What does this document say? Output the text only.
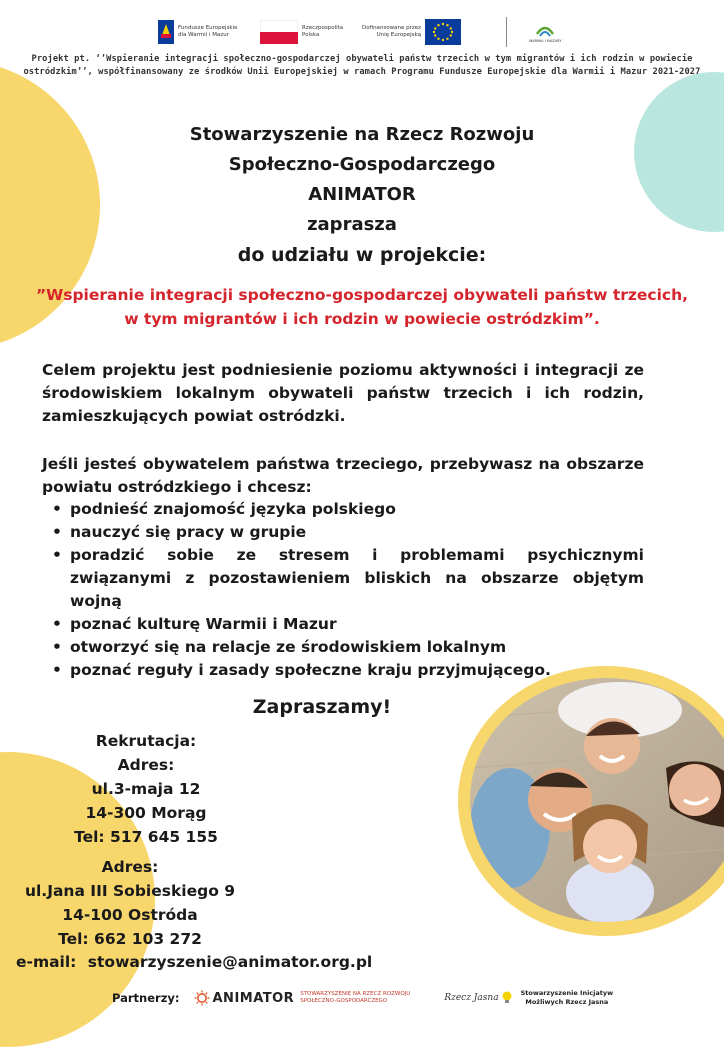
Fundusze Europejskie
dla Warmii i Mazur
Rzeczpospolita
Polska
Dofinansowane przez
Unię Europejską
WARMIA I MAZURY
Projekt pt. ‘’Wspieranie integracji społeczno-gospodarczej obywateli państw trzecich w tym migrantów i ich rodzin w powiecie ostródzkim’’, współfinansowany ze środków Unii Europejskiej w ramach Programu Fundusze Europejskie dla Warmii i Mazur 2021-2027
Stowarzyszenie na Rzecz Rozwoju
Społeczno-Gospodarczego
ANIMATOR
zaprasza
do udziału w projekcie:
”Wspieranie integracji społeczno-gospodarczej obywateli państw trzecich,
w tym migrantów i ich rodzin w powiecie ostródzkim”.
Celem projektu jest podniesienie poziomu aktywności i integracji ze środowiskiem lokalnym obywateli państw trzecich i ich rodzin, zamieszkujących powiat ostródzki.
Jeśli jesteś obywatelem państwa trzeciego, przebywasz na obszarze powiatu ostródzkiego i chcesz:
• podnieść znajomość języka polskiego
• nauczyć się pracy w grupie
• poradzić sobie ze stresem i problemami psychicznymi związanymi z pozostawieniem bliskich na obszarze objętym wojną
• poznać kulturę Warmii i Mazur
• otworzyć się na relacje ze środowiskiem lokalnym
• poznać reguły i zasady społeczne kraju przyjmującego.
Zapraszamy!
Rekrutacja:
Adres:
ul.3-maja 12
14-300 Morąg
Tel: 517 645 155
Adres:
ul.Jana III Sobieskiego 9
14-100 Ostróda
Tel: 662 103 272
e-mail: stowarzyszenie@animator.org.pl
Partnerzy:	ANIMATOR STOWARZYSZENIE NA RZECZ ROZWOJU
SPOŁECZNO-GOSPODARCZEGO	Rzecz Jasna	Stowarzyszenie Inicjatyw
Możliwych Rzecz Jasna
